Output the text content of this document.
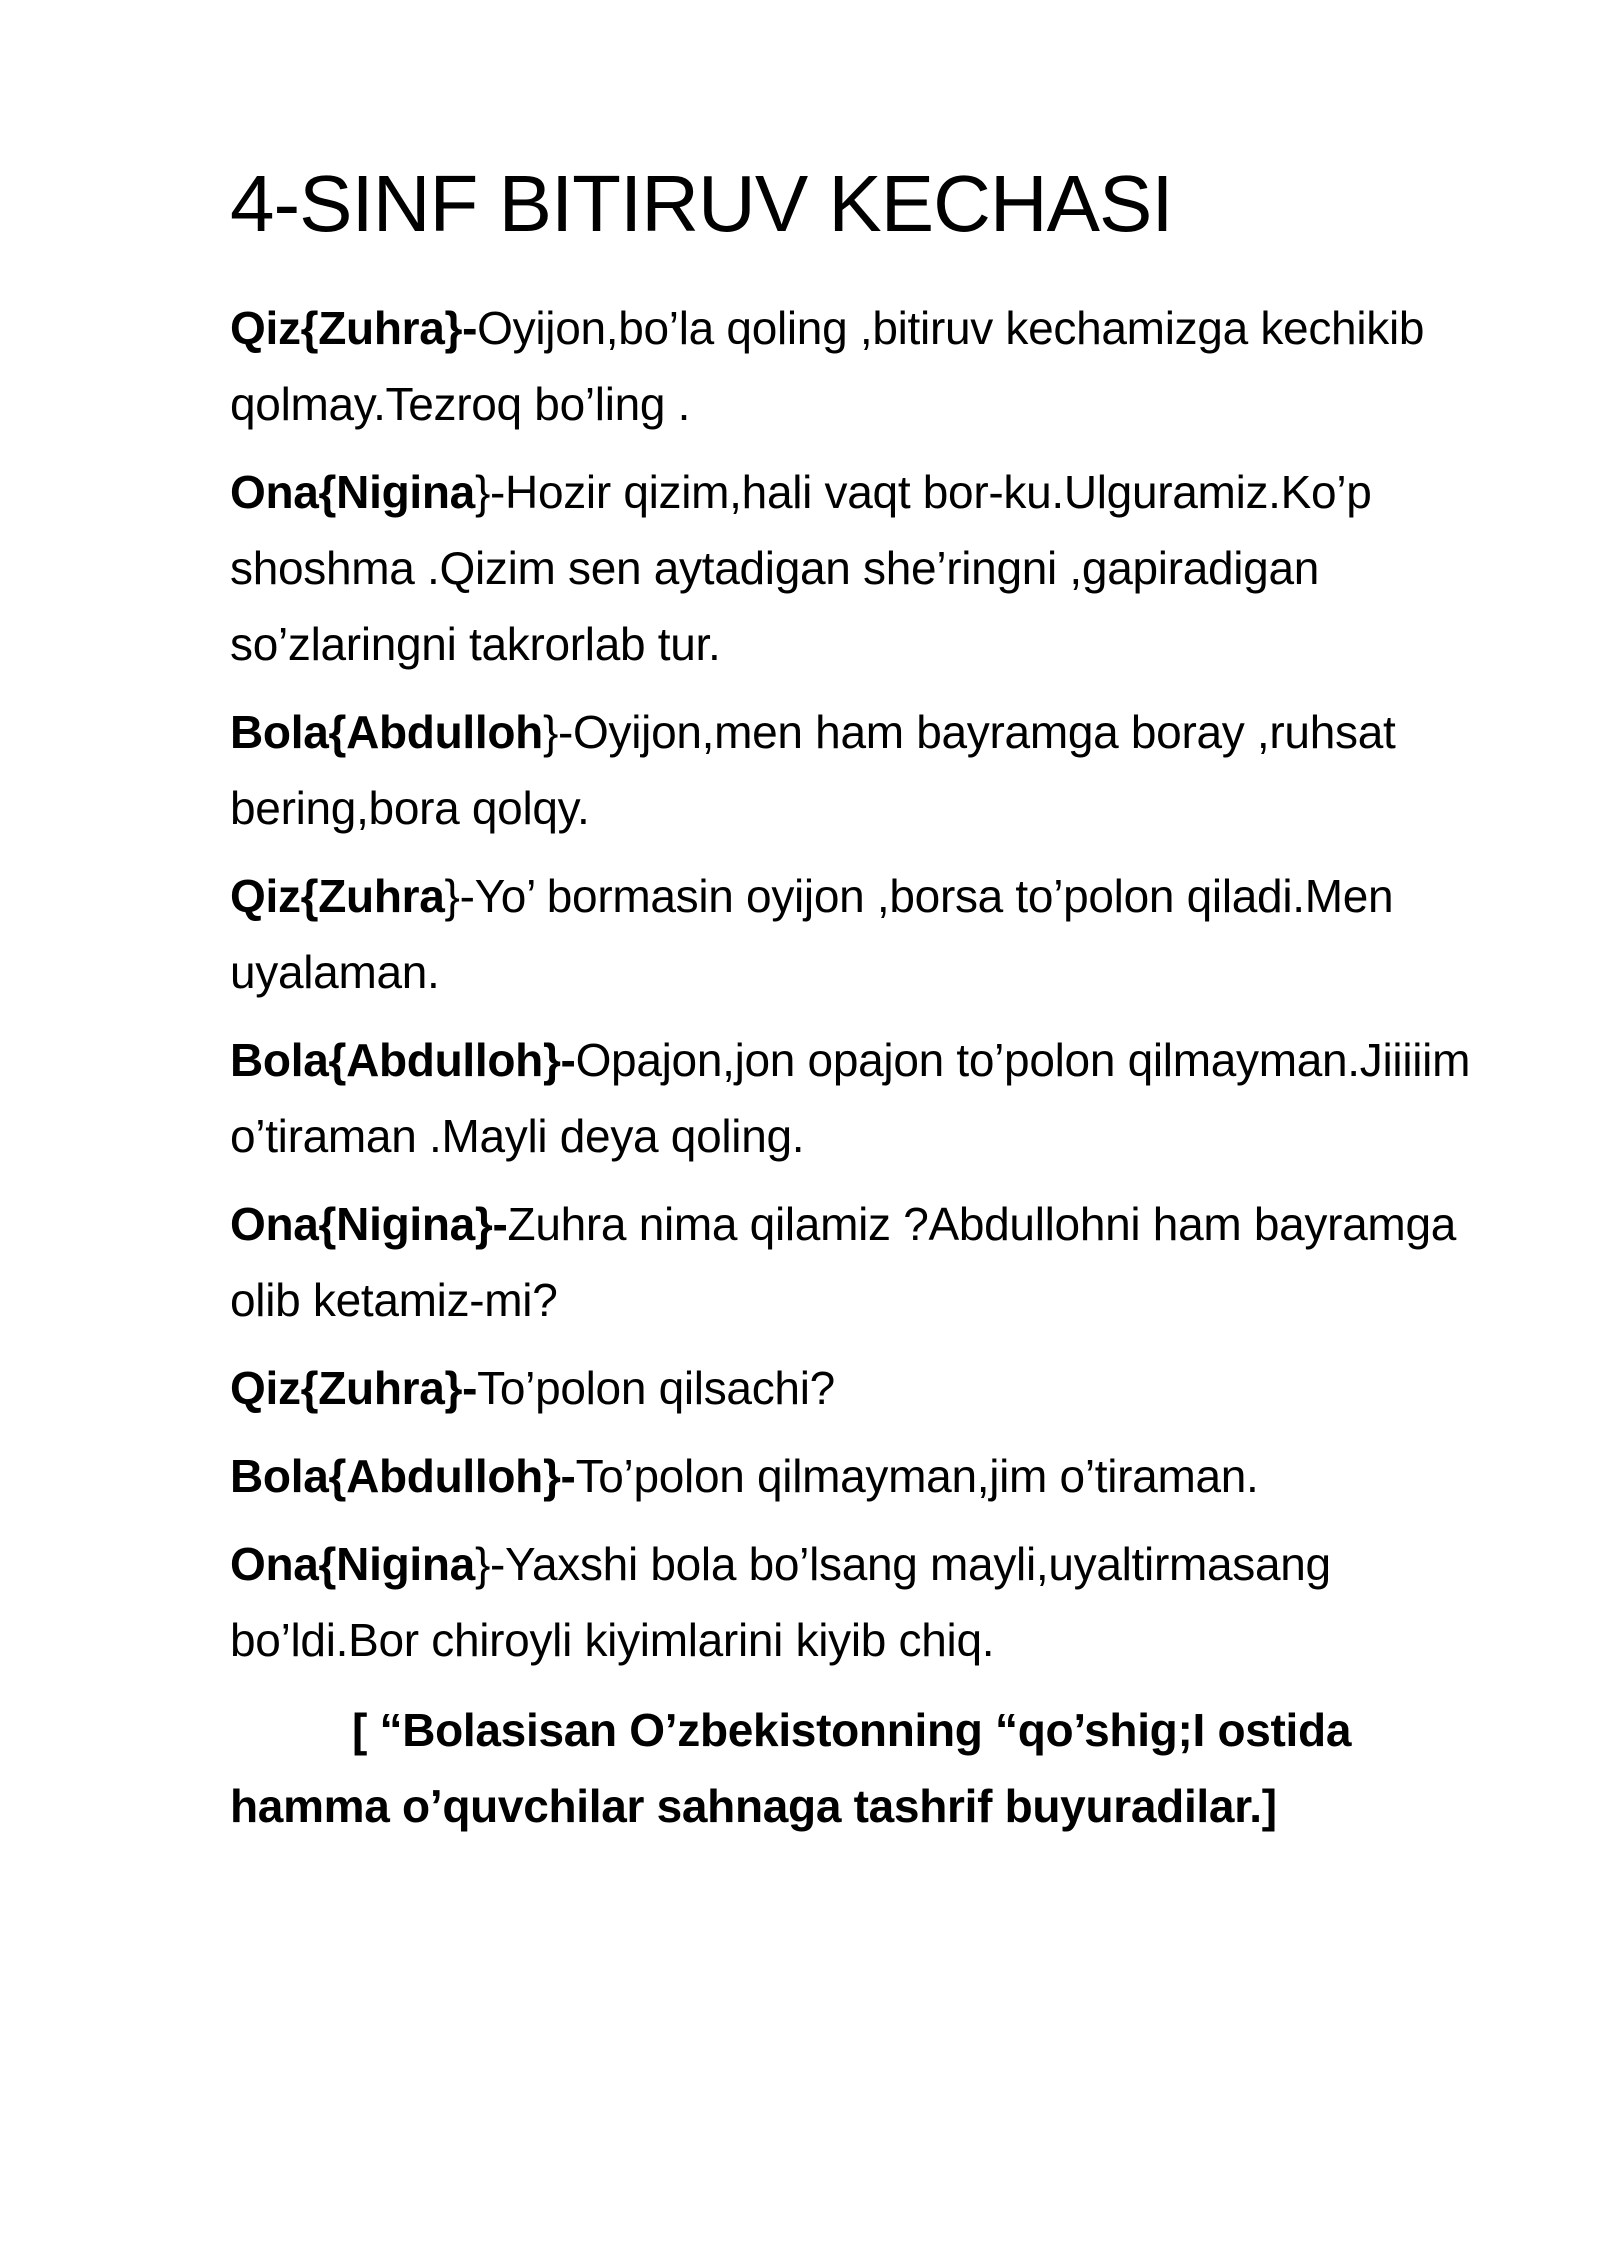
4-SINF BITIRUV KECHASI

Qiz{Zuhra}-Oyijon,bo’la qoling ,bitiruv kechamizga kechikib qolmay.Tezroq bo’ling .

Ona{Nigina}-Hozir qizim,hali vaqt bor-ku.Ulguramiz.Ko’p shoshma .Qizim sen aytadigan she’ringni ,gapiradigan so’zlaringni takrorlab tur.

Bola{Abdulloh}-Oyijon,men ham bayramga boray ,ruhsat bering,bora qolqy.

Qiz{Zuhra}-Yo’ bormasin oyijon ,borsa to’polon qiladi.Men uyalaman.

Bola{Abdulloh}-Opajon,jon opajon to’polon qilmayman.Jiiiiim o’tiraman .Mayli deya qoling.

Ona{Nigina}-Zuhra nima qilamiz ?Abdullohni ham bayramga olib ketamiz-mi?

Qiz{Zuhra}-To’polon qilsachi?

Bola{Abdulloh}-To’polon qilmayman,jim o’tiraman.

Ona{Nigina}-Yaxshi bola bo’lsang mayli,uyaltirmasang bo’ldi.Bor chiroyli kiyimlarini kiyib chiq.

[ “Bolasisan O’zbekistonning “qo’shig;I ostida hamma o’quvchilar sahnaga tashrif buyuradilar.]
